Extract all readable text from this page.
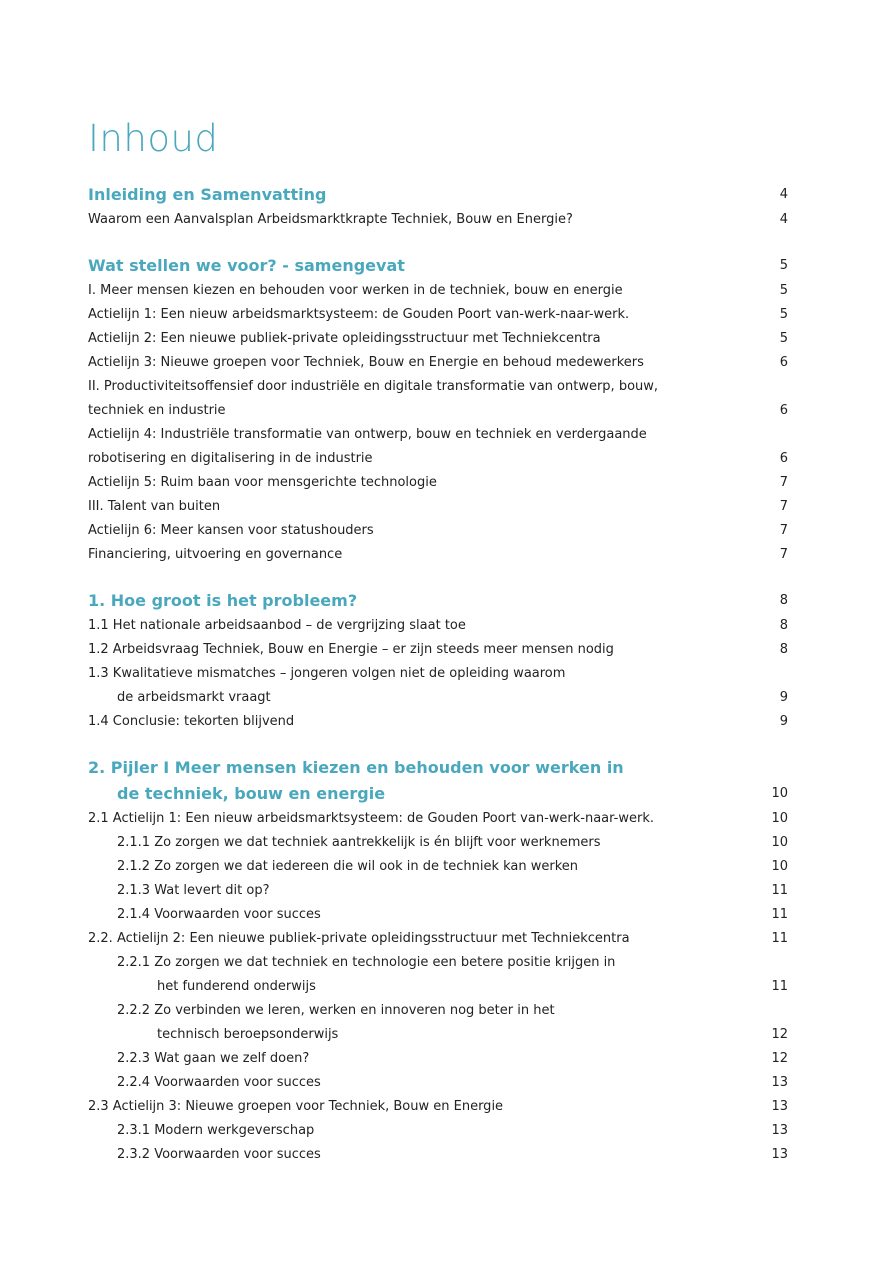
Inhoud
Inleiding en Samenvatting	4
Waarom een Aanvalsplan Arbeidsmarktkrapte Techniek, Bouw en Energie?	4
Wat stellen we voor? - samengevat	5
I. Meer mensen kiezen en behouden voor werken in de techniek, bouw en energie	5
Actielijn 1: Een nieuw arbeidsmarktsysteem: de Gouden Poort van-werk-naar-werk.	5
Actielijn 2: Een nieuwe publiek-private opleidingsstructuur met Techniekcentra	5
Actielijn 3: Nieuwe groepen voor Techniek, Bouw en Energie en behoud medewerkers	6
II. Productiviteitsoffensief door industriële en digitale transformatie van ontwerp, bouw,
techniek en industrie	6
Actielijn 4: Industriële transformatie van ontwerp, bouw en techniek en verdergaande
robotisering en digitalisering in de industrie	6
Actielijn 5: Ruim baan voor mensgerichte technologie	7
III. Talent van buiten	7
Actielijn 6: Meer kansen voor statushouders	7
Financiering, uitvoering en governance	7
1. Hoe groot is het probleem?	8
1.1 Het nationale arbeidsaanbod – de vergrijzing slaat toe	8
1.2 Arbeidsvraag Techniek, Bouw en Energie – er zijn steeds meer mensen nodig	8
1.3 Kwalitatieve mismatches – jongeren volgen niet de opleiding waarom
de arbeidsmarkt vraagt	9
1.4 Conclusie: tekorten blijvend	9
2. Pijler I Meer mensen kiezen en behouden voor werken in
de techniek, bouw en energie	10
2.1 Actielijn 1: Een nieuw arbeidsmarktsysteem: de Gouden Poort van-werk-naar-werk.	10
2.1.1 Zo zorgen we dat techniek aantrekkelijk is én blijft voor werknemers	10
2.1.2 Zo zorgen we dat iedereen die wil ook in de techniek kan werken	10
2.1.3 Wat levert dit op?	11
2.1.4 Voorwaarden voor succes	11
2.2. Actielijn 2: Een nieuwe publiek-private opleidingsstructuur met Techniekcentra	11
2.2.1 Zo zorgen we dat techniek en technologie een betere positie krijgen in
het funderend onderwijs	11
2.2.2 Zo verbinden we leren, werken en innoveren nog beter in het
technisch beroepsonderwijs	12
2.2.3 Wat gaan we zelf doen?	12
2.2.4 Voorwaarden voor succes	13
2.3 Actielijn 3: Nieuwe groepen voor Techniek, Bouw en Energie	13
2.3.1 Modern werkgeverschap	13
2.3.2 Voorwaarden voor succes	13
